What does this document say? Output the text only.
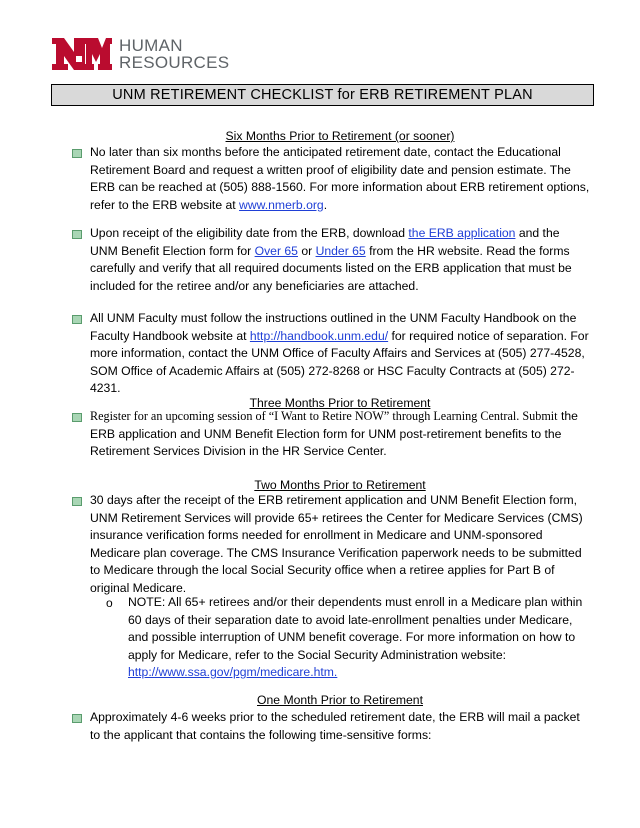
HUMAN
RESOURCES
UNM RETIREMENT CHECKLIST for ERB RETIREMENT PLAN
Six Months Prior to Retirement (or sooner)
No later than six months before the anticipated retirement date, contact the Educational Retirement Board and request a written proof of eligibility date and pension estimate. The ERB can be reached at (505) 888-1560. For more information about ERB retirement options, refer to the ERB website at www.nmerb.org.
Upon receipt of the eligibility date from the ERB, download the ERB application and the UNM Benefit Election form for Over 65 or Under 65 from the HR website. Read the forms carefully and verify that all required documents listed on the ERB application that must be included for the retiree and/or any beneficiaries are attached.
All UNM Faculty must follow the instructions outlined in the UNM Faculty Handbook on the Faculty Handbook website at http://handbook.unm.edu/ for required notice of separation. For more information, contact the UNM Office of Faculty Affairs and Services at (505) 277-4528, SOM Office of Academic Affairs at (505) 272-8268 or HSC Faculty Contracts at (505) 272-4231.
Three Months Prior to Retirement
Register for an upcoming session of “I Want to Retire NOW” through Learning Central. Submit the ERB application and UNM Benefit Election form for UNM post-retirement benefits to the Retirement Services Division in the HR Service Center.
Two Months Prior to Retirement
30 days after the receipt of the ERB retirement application and UNM Benefit Election form, UNM Retirement Services will provide 65+ retirees the Center for Medicare Services (CMS) insurance verification forms needed for enrollment in Medicare and UNM-sponsored Medicare plan coverage. The CMS Insurance Verification paperwork needs to be submitted to Medicare through the local Social Security office when a retiree applies for Part B of original Medicare.
o NOTE: All 65+ retirees and/or their dependents must enroll in a Medicare plan within 60 days of their separation date to avoid late-enrollment penalties under Medicare, and possible interruption of UNM benefit coverage. For more information on how to apply for Medicare, refer to the Social Security Administration website: http://www.ssa.gov/pgm/medicare.htm.
One Month Prior to Retirement
Approximately 4-6 weeks prior to the scheduled retirement date, the ERB will mail a packet to the applicant that contains the following time-sensitive forms:
